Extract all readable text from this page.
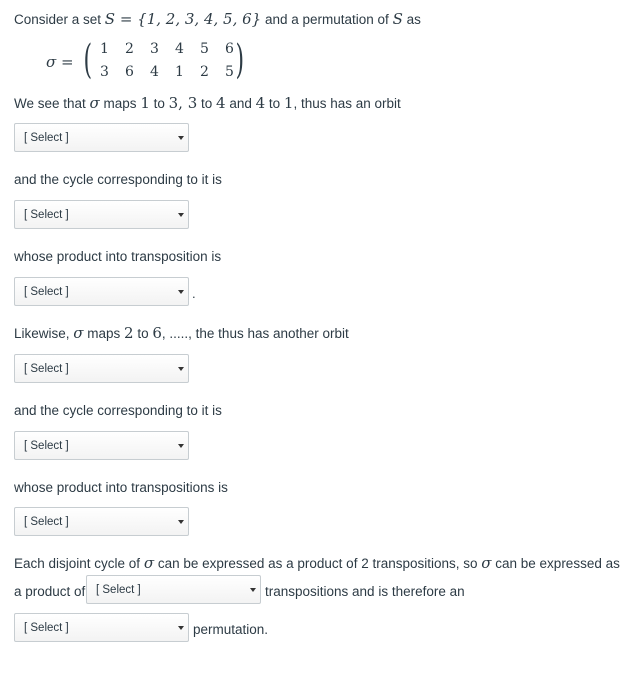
Consider a set S = {1, 2, 3, 4, 5, 6} and a permutation of S as
σ = ( 1 2 3 4 5 6
3 6 4 1 2 5 )
We see that σ maps 1 to 3, 3 to 4 and 4 to 1, thus has an orbit
[ Select ]
and the cycle corresponding to it is
[ Select ]
whose product into transposition is
[ Select ]	.
Likewise, σ maps 2 to 6, ....., the thus has another orbit
[ Select ]
and the cycle corresponding to it is
[ Select ]
whose product into transpositions is
[ Select ]
Each disjoint cycle of σ can be expressed as a product of 2 transpositions, so σ can be expressed as
a product of [ Select ]	transpositions and is therefore an
[ Select ]	permutation.
